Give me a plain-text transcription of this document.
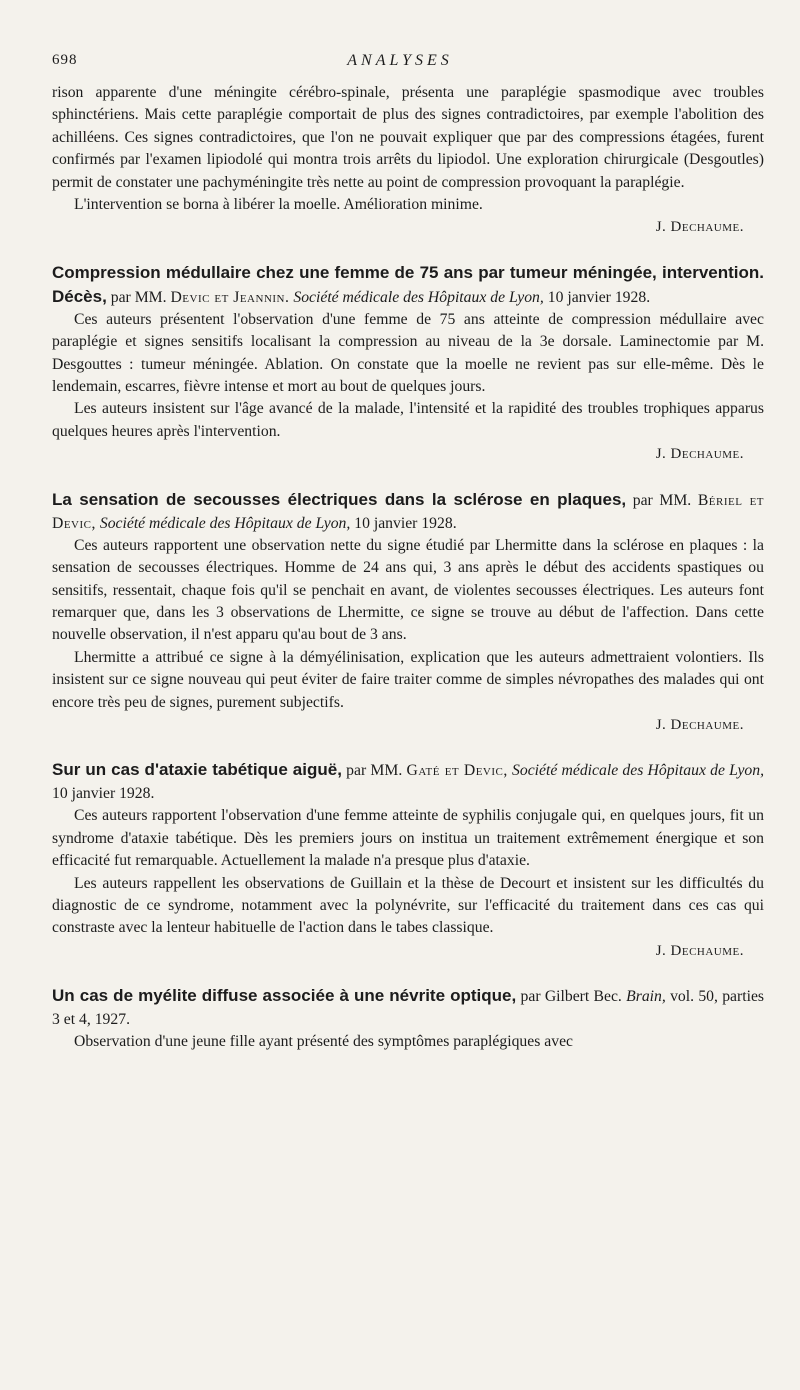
698	ANALYSES

rison apparente d'une méningite cérébro-spinale, présenta une paraplégie spasmodique avec troubles sphinctériens. Mais cette paraplégie comportait de plus des signes contradictoires, par exemple l'abolition des achilléens. Ces signes contradictoires, que l'on ne pouvait expliquer que par des compressions étagées, furent confirmés par l'examen lipiodolé qui montra trois arrêts du lipiodol. Une exploration chirurgicale (Desgoutles) permit de constater une pachyméningite très nette au point de compression provoquant la paraplégie.

L'intervention se borna à libérer la moelle. Amélioration minime.

J. Dechaume.
Compression médullaire chez une femme de 75 ans par tumeur méningée, intervention. Décès, par MM. Devic et Jeannin. Société médicale des Hôpitaux de Lyon, 10 janvier 1928.

Ces auteurs présentent l'observation d'une femme de 75 ans atteinte de compression médullaire avec paraplégie et signes sensitifs localisant la compression au niveau de la 3e dorsale. Laminectomie par M. Desgouttes : tumeur méningée. Ablation. On constate que la moelle ne revient pas sur elle-même. Dès le lendemain, escarres, fièvre intense et mort au bout de quelques jours.

Les auteurs insistent sur l'âge avancé de la malade, l'intensité et la rapidité des troubles trophiques apparus quelques heures après l'intervention.

J. Dechaume.
La sensation de secousses électriques dans la sclérose en plaques, par MM. Bériel et Devic, Société médicale des Hôpitaux de Lyon, 10 janvier 1928.

Ces auteurs rapportent une observation nette du signe étudié par Lhermitte dans la sclérose en plaques : la sensation de secousses électriques. Homme de 24 ans qui, 3 ans après le début des accidents spastiques ou sensitifs, ressentait, chaque fois qu'il se penchait en avant, de violentes secousses électriques. Les auteurs font remarquer que, dans les 3 observations de Lhermitte, ce signe se trouve au début de l'affection. Dans cette nouvelle observation, il n'est apparu qu'au bout de 3 ans.

Lhermitte a attribué ce signe à la démyélinisation, explication que les auteurs admettraient volontiers. Ils insistent sur ce signe nouveau qui peut éviter de faire traiter comme de simples névropathes des malades qui ont encore très peu de signes, purement subjectifs.

J. Dechaume.
Sur un cas d'ataxie tabétique aiguë, par MM. Gaté et Devic, Société médicale des Hôpitaux de Lyon, 10 janvier 1928.

Ces auteurs rapportent l'observation d'une femme atteinte de syphilis conjugale qui, en quelques jours, fit un syndrome d'ataxie tabétique. Dès les premiers jours on institua un traitement extrêmement énergique et son efficacité fut remarquable. Actuellement la malade n'a presque plus d'ataxie.

Les auteurs rappellent les observations de Guillain et la thèse de Decourt et insistent sur les difficultés du diagnostic de ce syndrome, notamment avec la polynévrite, sur l'efficacité du traitement dans ces cas qui constraste avec la lenteur habituelle de l'action dans le tabes classique.

J. Dechaume.
Un cas de myélite diffuse associée à une névrite optique, par Gilbert Bec. Brain, vol. 50, parties 3 et 4, 1927.

Observation d'une jeune fille ayant présenté des symptômes paraplégiques avec
